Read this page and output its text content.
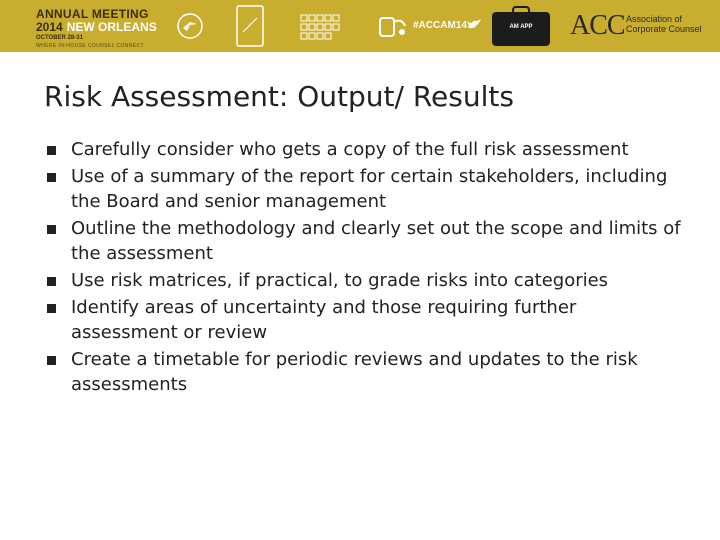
ANNUAL MEETING
2014 NEW ORLEANS
OCTOBER 28-31
WHERE IN-HOUSE COUNSEL CONNECT
#ACCAM14	AM APP	ACC Association of
Corporate Counsel
Risk Assessment: Output/ Results
Carefully consider who gets a copy of the full risk assessment
Use of a summary of the report for certain stakeholders, including the Board and senior management
Outline the methodology and clearly set out the scope and limits of the assessment
Use risk matrices, if practical, to grade risks into categories
Identify areas of uncertainty and those requiring further assessment or review
Create a timetable for periodic reviews and updates to the risk assessments
